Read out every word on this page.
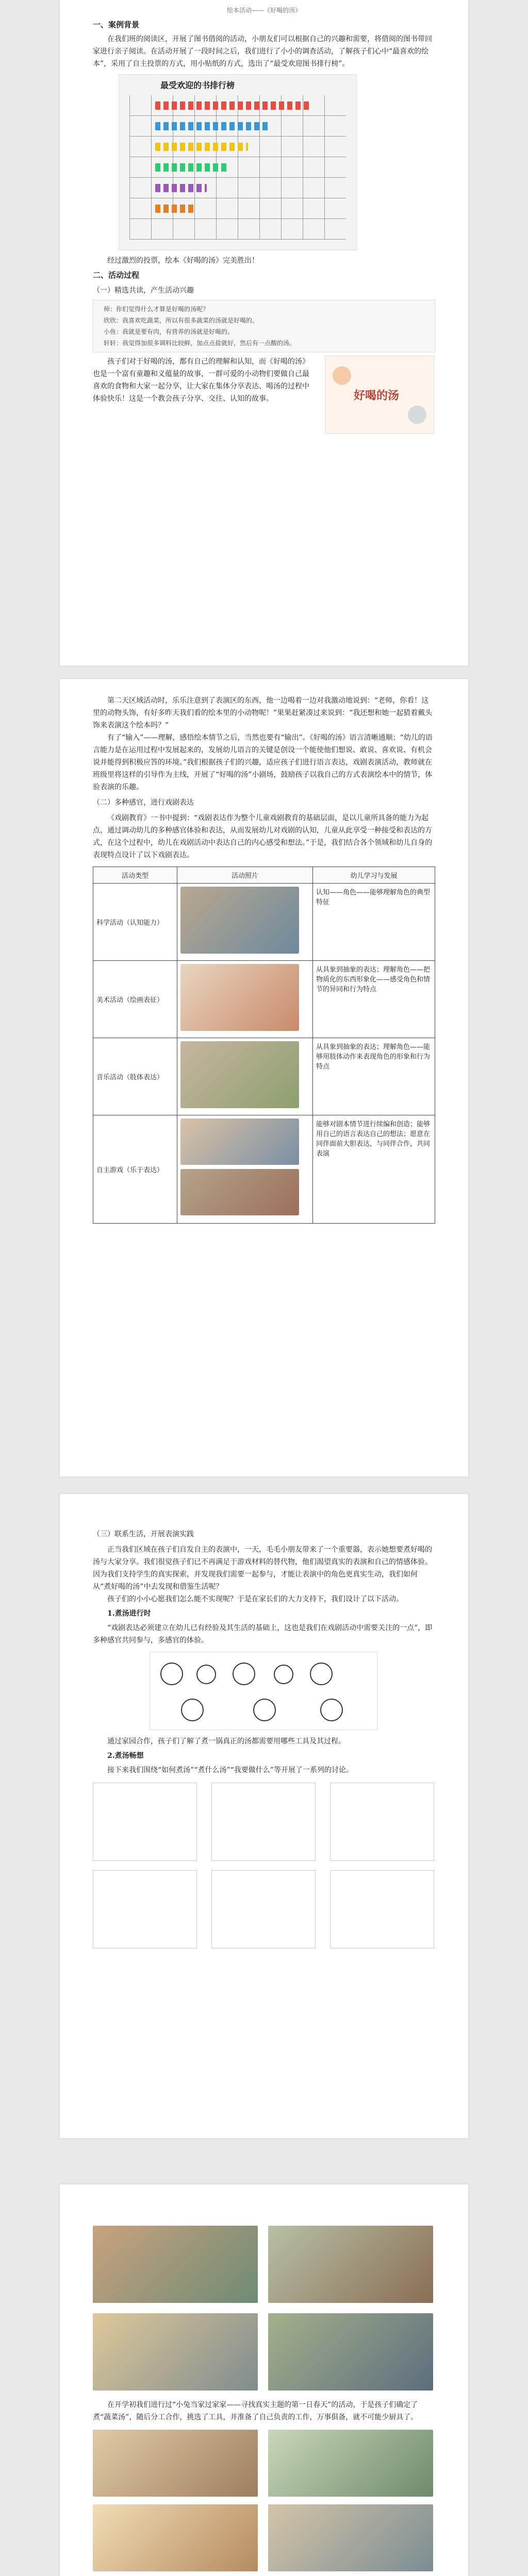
绘本活动——《好喝的汤》

一、案例背景

在我们班的阅读区，开展了图书借阅的活动，小朋友们可以根据自己的兴趣和需要，将借阅的图书带回家进行亲子阅读。在活动开展了一段时间之后，我们进行了小小的调查活动，了解孩子们心中“最喜欢的绘本”，采用了自主投票的方式，用小贴纸的方式，选出了“最受欢迎图书排行榜”。

最受欢迎的书排行榜

经过激烈的投票，绘本《好喝的汤》完美胜出！

二、活动过程

（一）精选共读，产生活动兴趣

师：你们觉得什么才算是好喝的汤呢？

欣欣：我喜欢吃蔬菜，所以有很多蔬菜的汤就是好喝的。

小鱼：我就是要有肉，有营养的汤就是好喝的。

轩轩：我觉得加很多调料比较鲜，加点点盐就好，然后有一点酸的汤。

孩子们对于好喝的汤，都有自己的理解和认知，而《好喝的汤》也是一个富有童趣和义蕴量的故事，一群可爱的小动物们要做自己最喜欢的食物和大家一起分享，让大家在集体分享表达、喝汤的过程中体验快乐！这是一个教会孩子分享、交往、认知的故事。	好喝的汤

第二天区域活动时，乐乐注意到了表演区的东西，他一边喝着一边对我激动地说到：“老师，你看！这里的动物头饰，有好多昨天我们看的绘本里的小动物呢！”果果赶紧凑过来说到：“我还想和她一起猜着戴头饰来表演这个绘本吗？”

有了“输入”——理解，感悟绘本情节之后，当然也要有“输出”。《好喝的汤》语言清晰通顺；“幼儿的语言能力是在运用过程中发展起来的，发展幼儿语言的关键是创设一个能使他们想说、敢说、喜欢说、有机会说并能得到积极应答的环境。”我们根据孩子们的兴趣，适应孩子们进行语言表达，戏剧表演活动，教师就在班级里将这样的引导作为主线，开展了“好喝的汤”小剧场，鼓励孩子以我自己的方式表演绘本中的情节，体验表演的乐趣。

（二）多种感官，进行戏剧表达

《戏剧教育》一书中提到：“戏剧表达作为整个儿童戏剧教育的基础层面，是以儿童所具备的能力为起点，通过调动幼儿的多种感官体验和表达，从而发展幼儿对戏剧的认知，儿童从此享受一种接受和表达的方式，在这个过程中，幼儿在戏剧活动中表达自己的内心感受和想法。”于是，我们结合各个领域和幼儿自身的表现特点设计了以下戏剧表达。

活动类型	活动照片	幼儿学习与发展
科学活动（认知能力）		认知——角色——能够理解角色的典型特征
美术活动（绘画表征）		从具象到抽象的表达；理解角色——把物质化的东西形象化——感受角色和情节的异同和行为特点
音乐活动（肢体表达）		从具象到抽象的表达；理解角色——能够用肢体动作来表现角色的形象和行为特点
自主游戏（乐于表达）		能够对剧本情节进行续编和创造；能够用自己的语言表达自己的想法；愿意在同伴面前大胆表达，与同伴合作，共同表演

（三）联系生活，开展表演实践

正当我们区域在孩子们自发自主的表演中，一天，毛毛小朋友带来了一个重要器，表示她想要煮好喝的汤与大家分享。我们很觉孩子们已不再满足于游戏材料的替代物，他们渴望真实的表演和自己的情感体验。因为我们支持学生的真实探索，并发现我们需要一起参与，才能让表演中的角色更真实生动，我们如何从“煮好喝的汤”中去发现和借鉴生活呢？

孩子们的小小心愿我们怎么能不实现呢？于是在家长们的大力支持下，我们设计了以下活动。

1.煮汤进行时

“戏剧表达必须建立在幼儿已有经验及其生活的基础上，这也是我们在戏剧活动中需要关注的一点”，即多种感官共同参与，多感官的体验。

通过家园合作，孩子们了解了煮一锅真正的汤都需要用哪些工具及其过程。

2.煮汤畅想

接下来我们围绕“如何煮汤”“煮什么汤”“我要做什么”等开展了一系列的讨论。

在开学初我们进行过“小兔当家过家家——寻找真实主题的第一日春天”的活动，于是孩子们确定了煮“蔬菜汤”，随后分工合作，挑选了工具，并准备了自己负责的工作，万事俱备，就不可能少厨具了。
